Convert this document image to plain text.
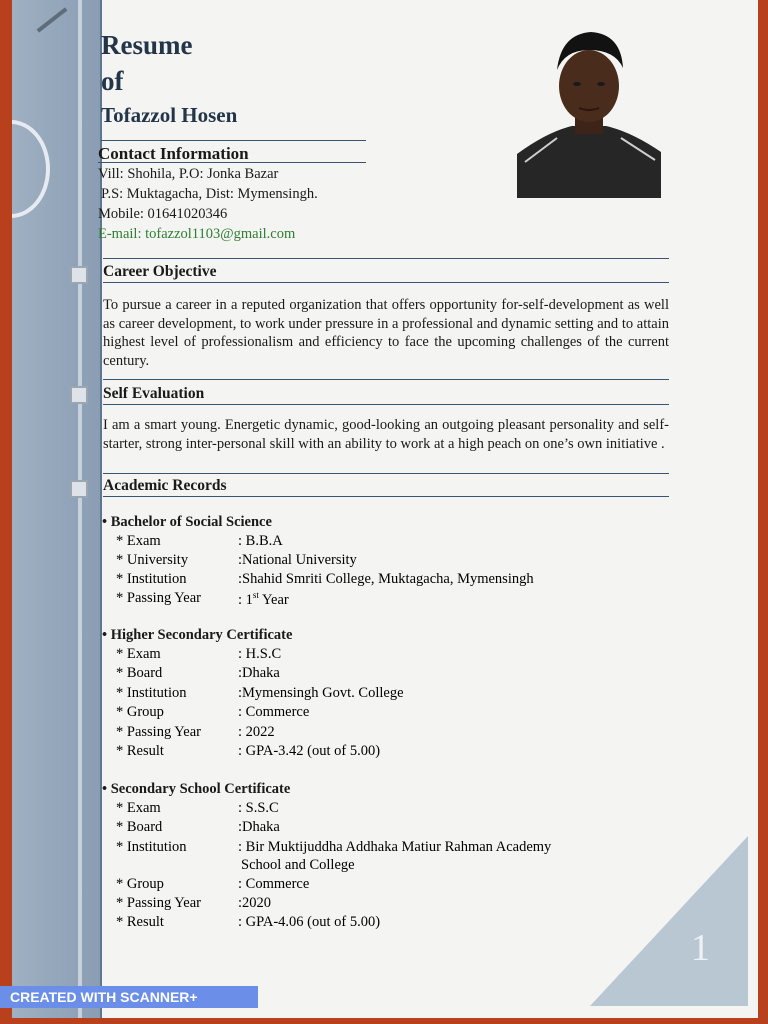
Resume
of
Tofazzol Hosen
Contact Information
Vill: Shohila, P.O: Jonka Bazar
P.S: Muktagacha, Dist: Mymensingh.
Mobile: 01641020346
E-mail: tofazzol1103@gmail.com
Career Objective
To pursue a career in a reputed organization that offers opportunity for-self-development as well as career development, to work under pressure in a professional and dynamic setting and to attain highest level of professionalism and efficiency to face the upcoming challenges of the current century.
Self Evaluation
I am a smart young. Energetic dynamic, good-looking an outgoing pleasant personality and self-starter, strong inter-personal skill with an ability to work at a high peach on one’s own initiative .
Academic Records
• Bachelor of Social Science
* Exam	: B.B.A
* University	:National University
* Institution	:Shahid Smriti College, Muktagacha, Mymensingh
* Passing Year	: 1st Year
• Higher Secondary Certificate
* Exam	: H.S.C
* Board	:Dhaka
* Institution	:Mymensingh Govt. College
* Group	: Commerce
* Passing Year	: 2022
* Result	: GPA-3.42 (out of 5.00)
• Secondary School Certificate
* Exam	: S.S.C
* Board	:Dhaka
* Institution	: Bir Muktijuddha Addhaka Matiur Rahman Academy
School and College
* Group	: Commerce
* Passing Year	:2020
* Result	: GPA-4.06 (out of 5.00)
1
CREATED WITH SCANNER+
